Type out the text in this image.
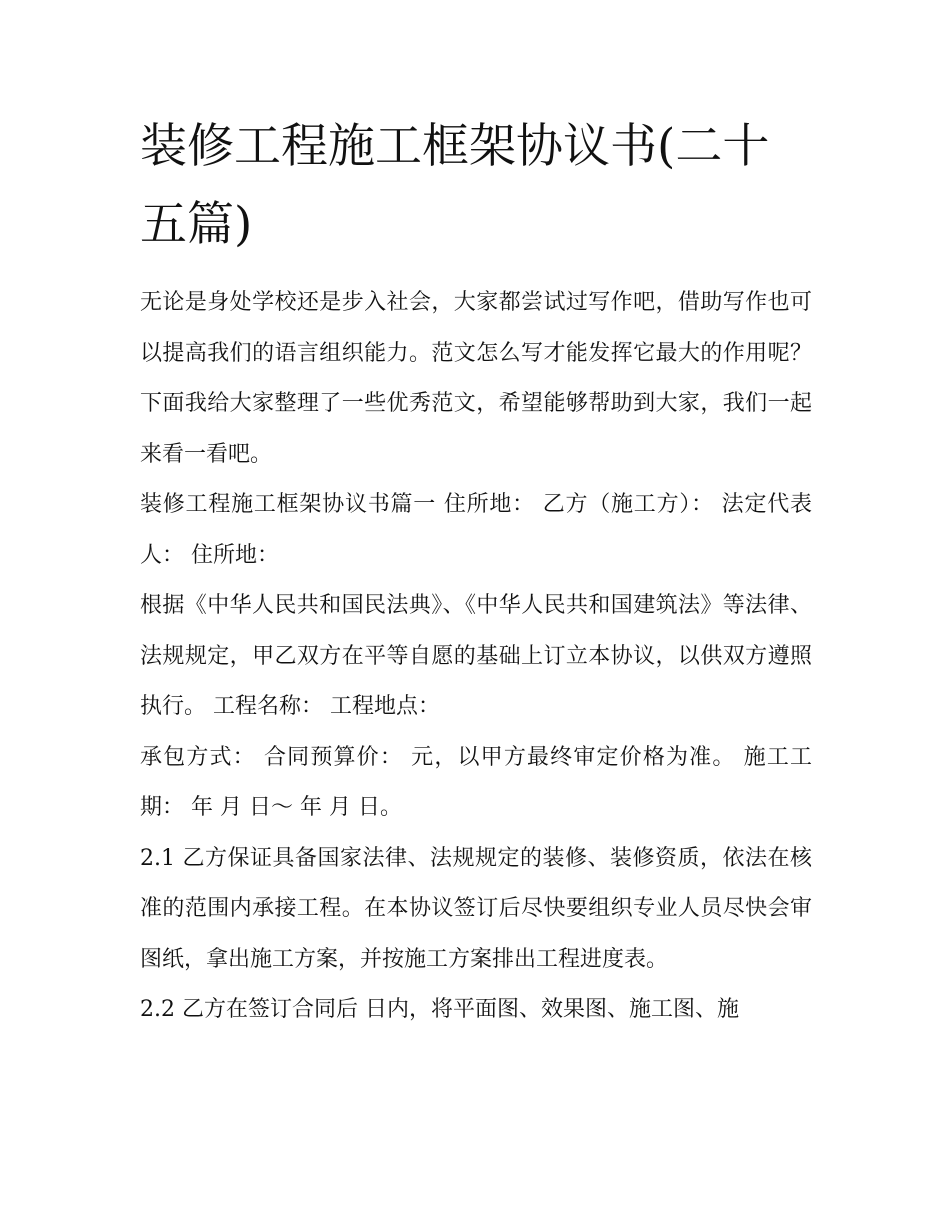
装修工程施工框架协议书(二十五篇)

无论是身处学校还是步入社会，大家都尝试过写作吧，借助写作也可以提高我们的语言组织能力。范文怎么写才能发挥它最大的作用呢？下面我给大家整理了一些优秀范文，希望能够帮助到大家，我们一起来看一看吧。

装修工程施工框架协议书篇一 住所地： 乙方（施工方）： 法定代表人： 住所地：

根据《中华人民共和国民法典》、《中华人民共和国建筑法》等法律、法规规定，甲乙双方在平等自愿的基础上订立本协议，以供双方遵照执行。 工程名称： 工程地点：

承包方式： 合同预算价： 元，以甲方最终审定价格为准。 施工工期： 年 月 日～ 年 月 日。

2.1 乙方保证具备国家法律、法规规定的装修、装修资质，依法在核准的范围内承接工程。在本协议签订后尽快要组织专业人员尽快会审图纸，拿出施工方案，并按施工方案排出工程进度表。

2.2 乙方在签订合同后 日内，将平面图、效果图、施工图、施
